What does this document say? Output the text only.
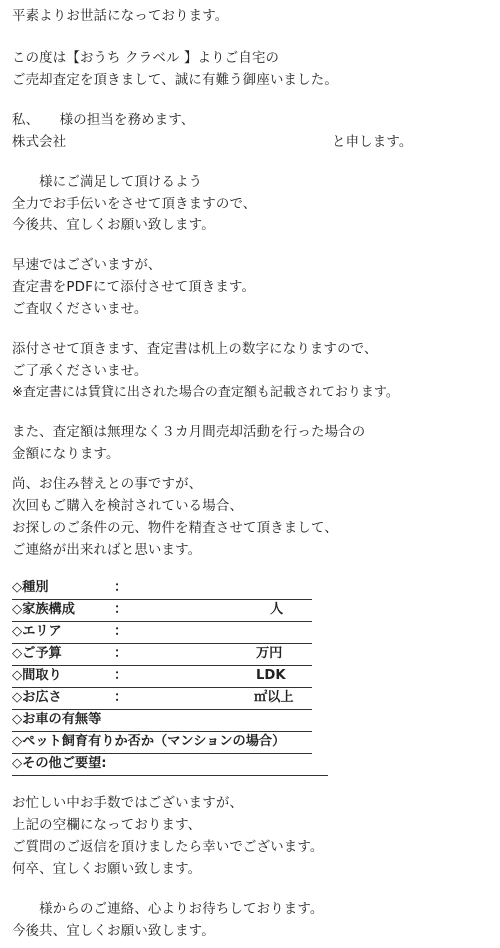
平素よりお世話になっております。
この度は【おうち クラベル 】よりご自宅の
ご売却査定を頂きまして、誠に有難う御座いました。
私、　　様の担当を務めます、
株式会社	と申します。
　　様にご満足して頂けるよう
全力でお手伝いをさせて頂きますので、
今後共、宜しくお願い致します。
早速ではございますが、
査定書をPDFにて添付させて頂きます。
ご査収くださいませ。
添付させて頂きます、査定書は机上の数字になりますので、
ご了承くださいませ。
※査定書には賃貸に出された場合の査定額も記載されております。
また、査定額は無理なく３カ月間売却活動を行った場合の
金額になります。
尚、お住み替えとの事ですが、
次回もご購入を検討されている場合、
お探しのご条件の元、物件を精査させて頂きまして、
ご連絡が出来ればと思います。
◇種別	：
◇家族構成	：	人
◇エリア	：
◇ご予算	：	万円
◇間取り	：	LDK
◇お広さ	：	㎡以上
◇お車の有無等
◇ペット飼育有りか否か（マンションの場合）
◇その他ご要望:
お忙しい中お手数ではございますが、
上記の空欄になっております、
ご質問のご返信を頂けましたら幸いでございます。
何卒、宜しくお願い致します。
　　様からのご連絡、心よりお待ちしております。
今後共、宜しくお願い致します。
